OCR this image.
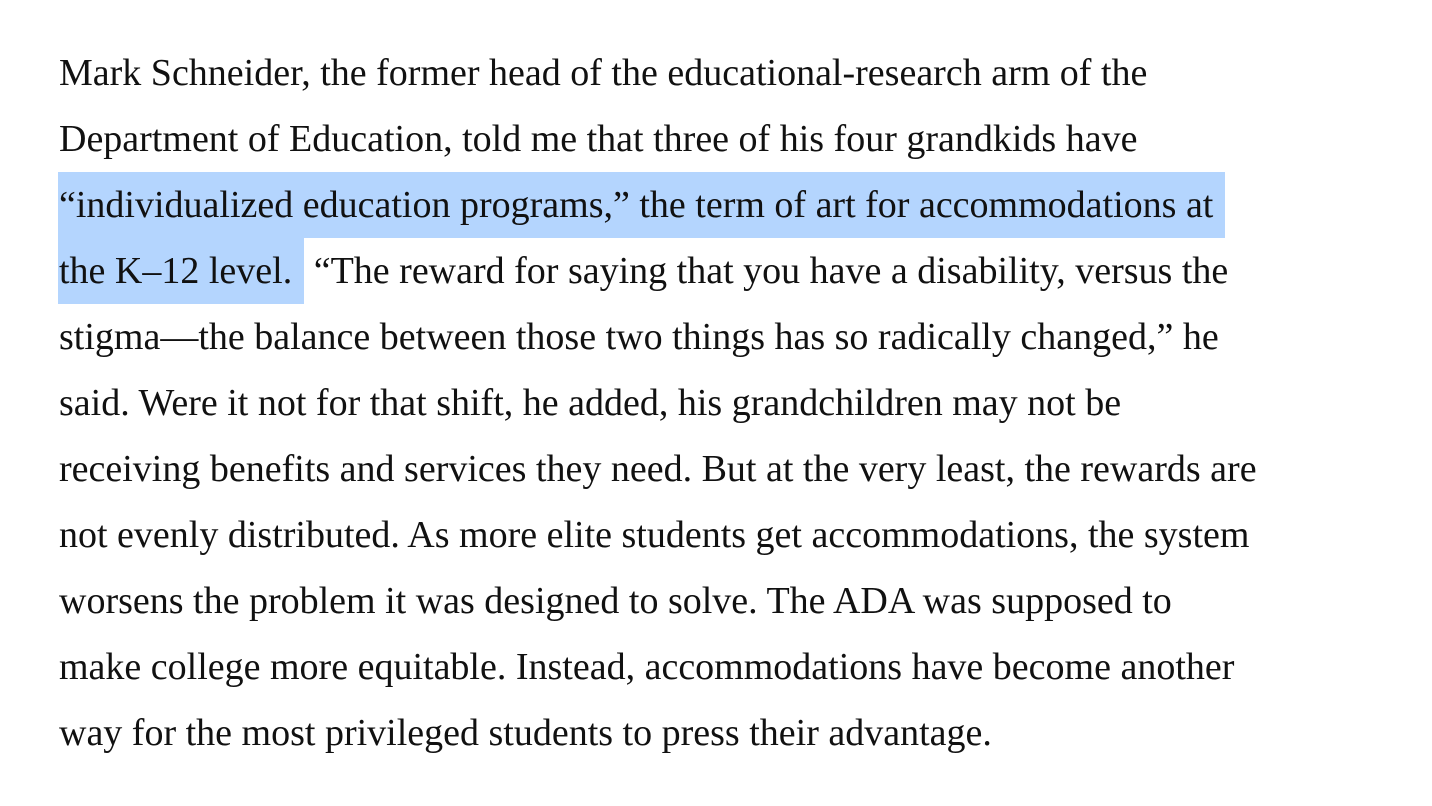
Mark Schneider, the former head of the educational-research arm of the
Department of Education, told me that three of his four grandkids have
“individualized education programs,” the term of art for accommodations at
the K–12 level. “The reward for saying that you have a disability, versus the
stigma—the balance between those two things has so radically changed,” he
said. Were it not for that shift, he added, his grandchildren may not be
receiving benefits and services they need. But at the very least, the rewards are
not evenly distributed. As more elite students get accommodations, the system
worsens the problem it was designed to solve. The ADA was supposed to
make college more equitable. Instead, accommodations have become another
way for the most privileged students to press their advantage.
